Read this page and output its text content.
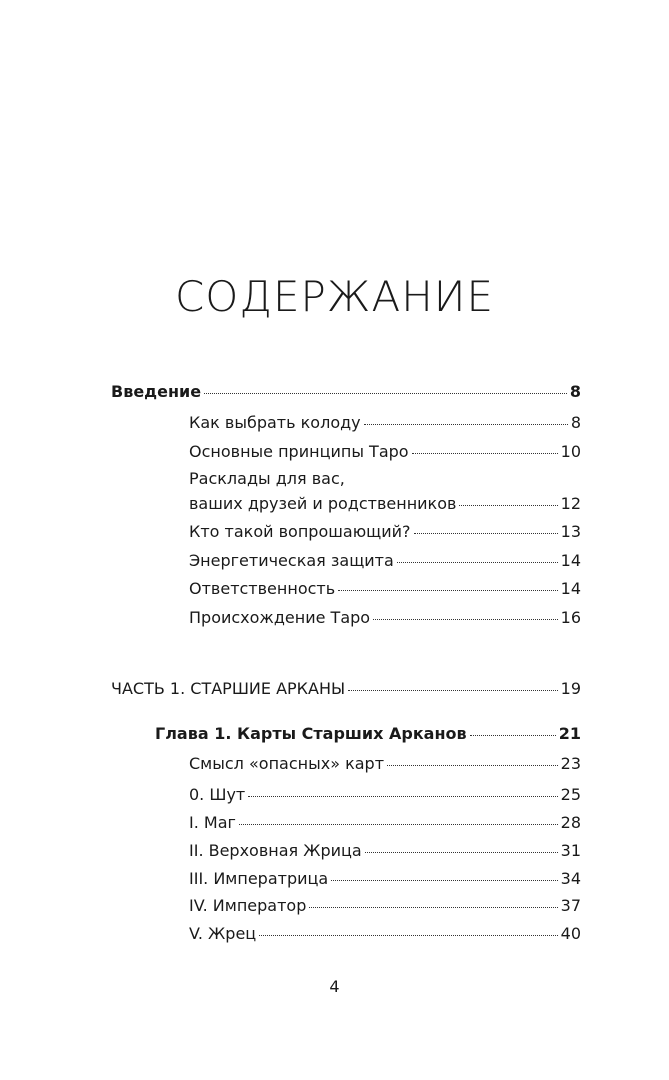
СОДЕРЖАНИЕ
Введение	8
Как выбрать колоду	8
Основные принципы Таро	10
Расклады для вас,
ваших друзей и родственников	12
Кто такой вопрошающий?	13
Энергетическая защита	14
Ответственность	14
Происхождение Таро	16
ЧАСТЬ 1. СТАРШИЕ АРКАНЫ	19
Глава 1. Карты Старших Арканов	21
Смысл «опасных» карт	23
0. Шут	25
I. Маг	28
II. Верховная Жрица	31
III. Императрица	34
IV. Император	37
V. Жрец	40
4
